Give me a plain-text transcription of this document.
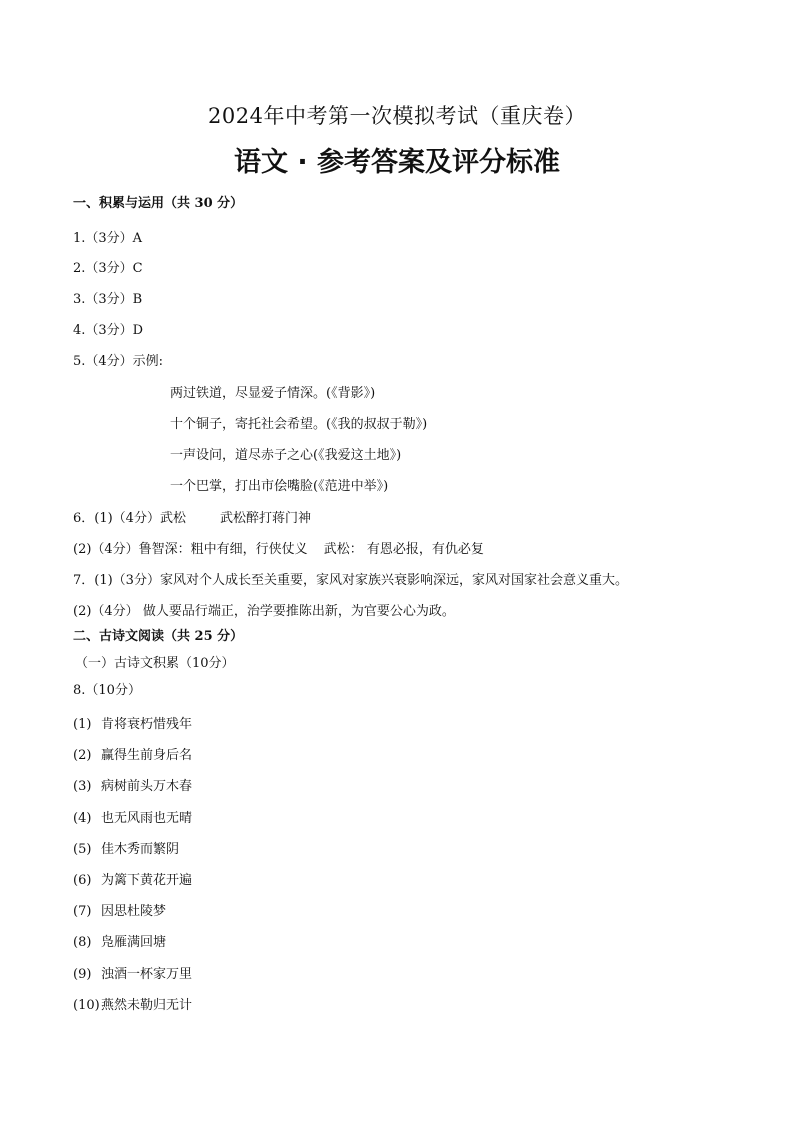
2024年中考第一次模拟考试（重庆卷）
语文 · 参考答案及评分标准
一、积累与运用（共 30 分）
1.（3分）A
2.（3分）C
3.（3分）B
4.（3分）D
5.（4分）示例:
两过铁道，尽显爱子情深。(《背影》)
十个铜子，寄托社会希望。(《我的叔叔于勒》)
一声设问，道尽赤子之心(《我爱这土地》)
一个巴掌，打出市侩嘴脸(《范进中举》)
6．(1)（4分）武松	武松醉打蒋门神
(2)（4分）鲁智深：粗中有细，行侠仗义 武松： 有恩必报，有仇必复
7．(1)（3分）家风对个人成长至关重要，家风对家族兴衰影响深远，家风对国家社会意义重大。
(2)（4分） 做人要品行端正，治学要推陈出新，为官要公心为政。
二、古诗文阅读（共 25 分）
（一）古诗文积累（10分）
8.（10分）
(1) 肯将衰朽惜残年
(2) 赢得生前身后名
(3) 病树前头万木春
(4) 也无风雨也无晴
(5) 佳木秀而繁阴
(6) 为篱下黄花开遍
(7) 因思杜陵梦
(8) 凫雁满回塘
(9) 浊酒一杯家万里
(10)燕然未勒归无计
